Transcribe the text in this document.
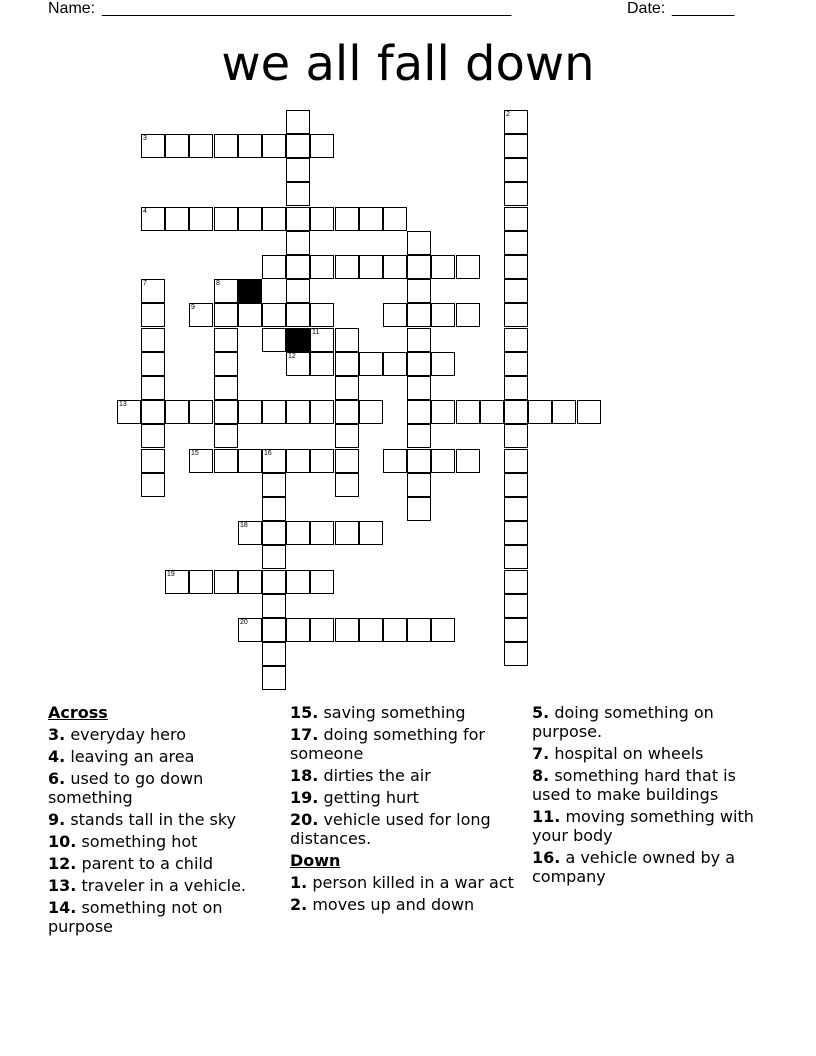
Name: ______________________________________________	Date: _______
we all fall down
3
4
7	8
9
11
12
13
15	16
18
19
20
2
Across
3. everyday hero
4. leaving an area
6. used to go down something
9. stands tall in the sky
10. something hot
12. parent to a child
13. traveler in a vehicle.
14. something not on purpose
15. saving something
17. doing something for someone
18. dirties the air
19. getting hurt
20. vehicle used for long distances.
Down
1. person killed in a war act
2. moves up and down
5. doing something on purpose.
7. hospital on wheels
8. something hard that is used to make buildings
11. moving something with your body
16. a vehicle owned by a company
